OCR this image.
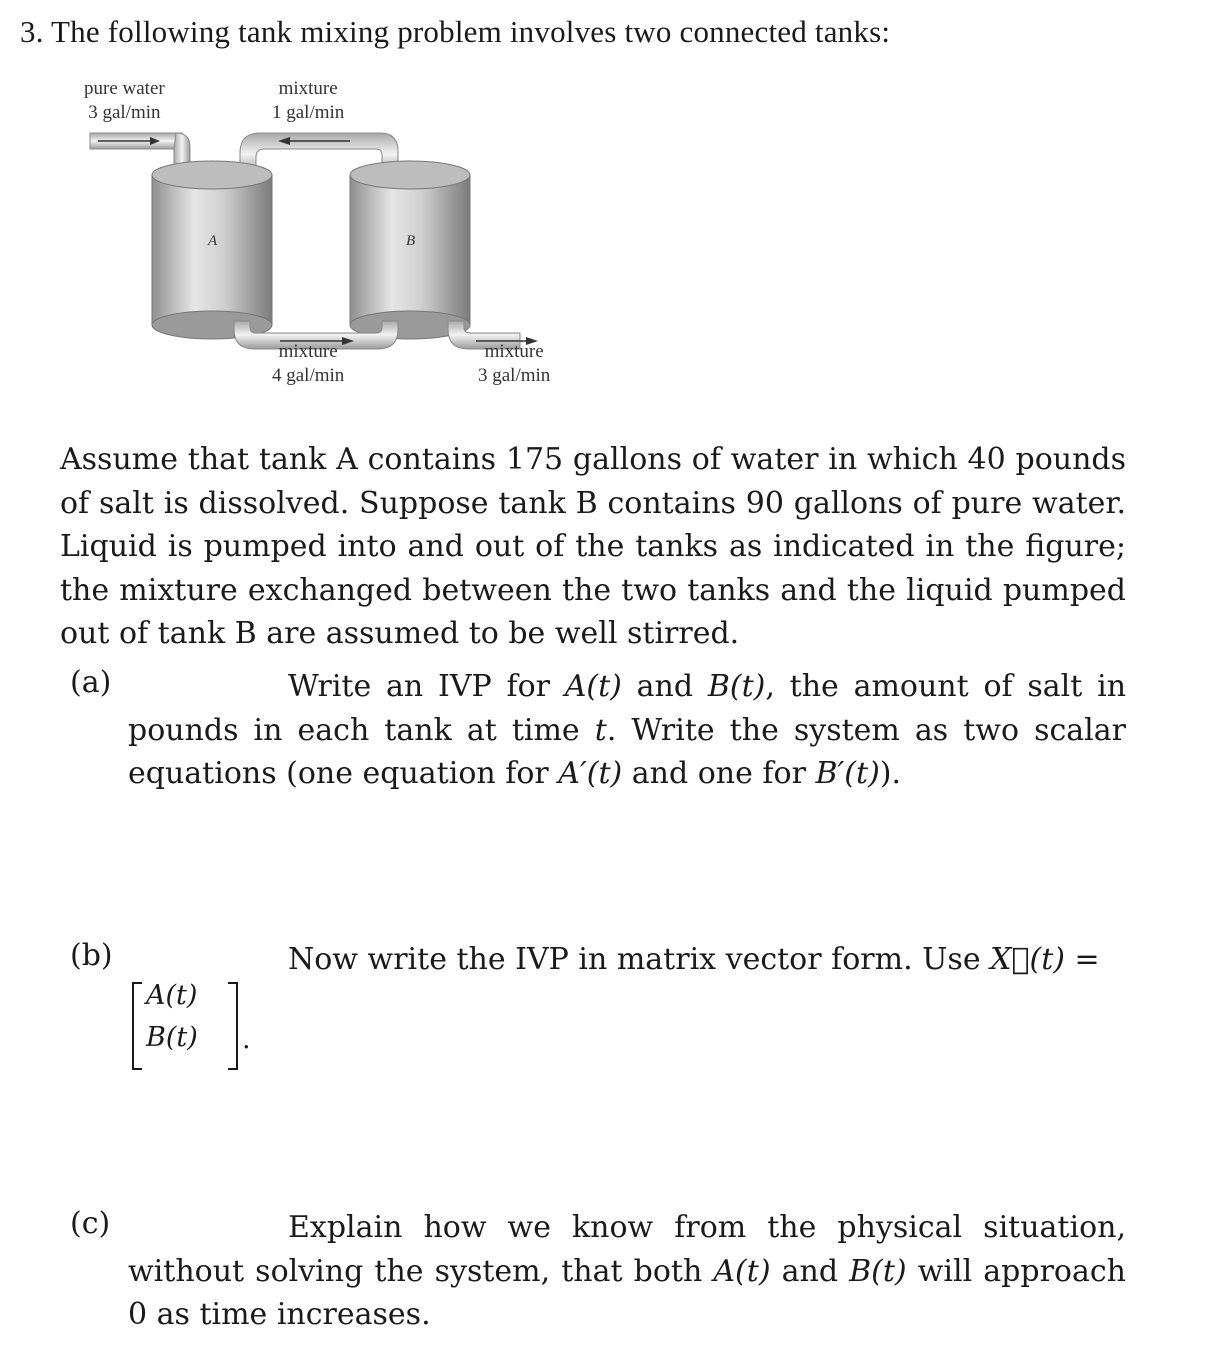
3. The following tank mixing problem involves two connected tanks:
A	B
pure water
3 gal/min
mixture
1 gal/min
mixture
4 gal/min
mixture
3 gal/min
Assume that tank A contains 175 gallons of water in which 40 pounds of salt is dissolved. Suppose tank B contains 90 gallons of pure water. Liquid is pumped into and out of the tanks as indicated in the figure; the mixture exchanged between the two tanks and the liquid pumped out of tank B are assumed to be well stirred.
(a)	Write an IVP for A(t) and B(t), the amount of salt in pounds in each tank at time t. Write the system as two scalar equations (one equation for A′(t) and one for B′(t)).
(b)	Now write the IVP in matrix vector form. Use X⃗(t) =
A(t)
B(t) .
(c)	Explain how we know from the physical situation, without solving the system, that both A(t) and B(t) will approach 0 as time increases.
